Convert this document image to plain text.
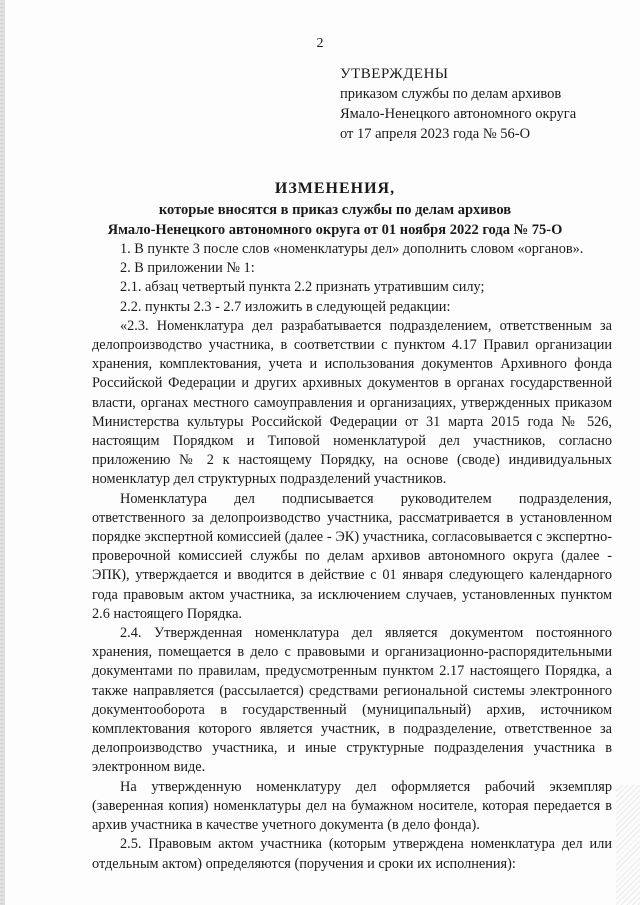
2
УТВЕРЖДЕНЫ
приказом службы по делам архивов
Ямало-Ненецкого автономного округа
от 17 апреля 2023 года № 56-О
ИЗМЕНЕНИЯ,
которые вносятся в приказ службы по делам архивов
Ямало-Ненецкого автономного округа от 01 ноября 2022 года № 75-О

1. В пункте 3 после слов «номенклатуры дел» дополнить словом «органов».

2. В приложении № 1:

2.1. абзац четвертый пункта 2.2 признать утратившим силу;

2.2. пункты 2.3 - 2.7 изложить в следующей редакции:

«2.3. Номенклатура дел разрабатывается подразделением, ответственным за делопроизводство участника, в соответствии с пунктом 4.17 Правил организации хранения, комплектования, учета и использования документов Архивного фонда Российской Федерации и других архивных документов в органах государственной власти, органах местного самоуправления и организациях, утвержденных приказом Министерства культуры Российской Федерации от 31 марта 2015 года № 526, настоящим Порядком и Типовой номенклатурой дел участников, согласно приложению № 2 к настоящему Порядку, на основе (своде) индивидуальных номенклатур дел структурных подразделений участников.

Номенклатура дел подписывается руководителем подразделения, ответственного за делопроизводство участника, рассматривается в установленном порядке экспертной комиссией (далее - ЭК) участника, согласовывается с экспертно-проверочной комиссией службы по делам архивов автономного округа (далее - ЭПК), утверждается и вводится в действие с 01 января следующего календарного года правовым актом участника, за исключением случаев, установленных пунктом 2.6 настоящего Порядка.

2.4. Утвержденная номенклатура дел является документом постоянного хранения, помещается в дело с правовыми и организационно-распорядительными документами по правилам, предусмотренным пунктом 2.17 настоящего Порядка, а также направляется (рассылается) средствами региональной системы электронного документооборота в государственный (муниципальный) архив, источником комплектования которого является участник, в подразделение, ответственное за делопроизводство участника, и иные структурные подразделения участника в электронном виде.

На утвержденную номенклатуру дел оформляется рабочий экземпляр (заверенная копия) номенклатуры дел на бумажном носителе, которая передается в архив участника в качестве учетного документа (в дело фонда).

2.5. Правовым актом участника (которым утверждена номенклатура дел или отдельным актом) определяются (поручения и сроки их исполнения):
